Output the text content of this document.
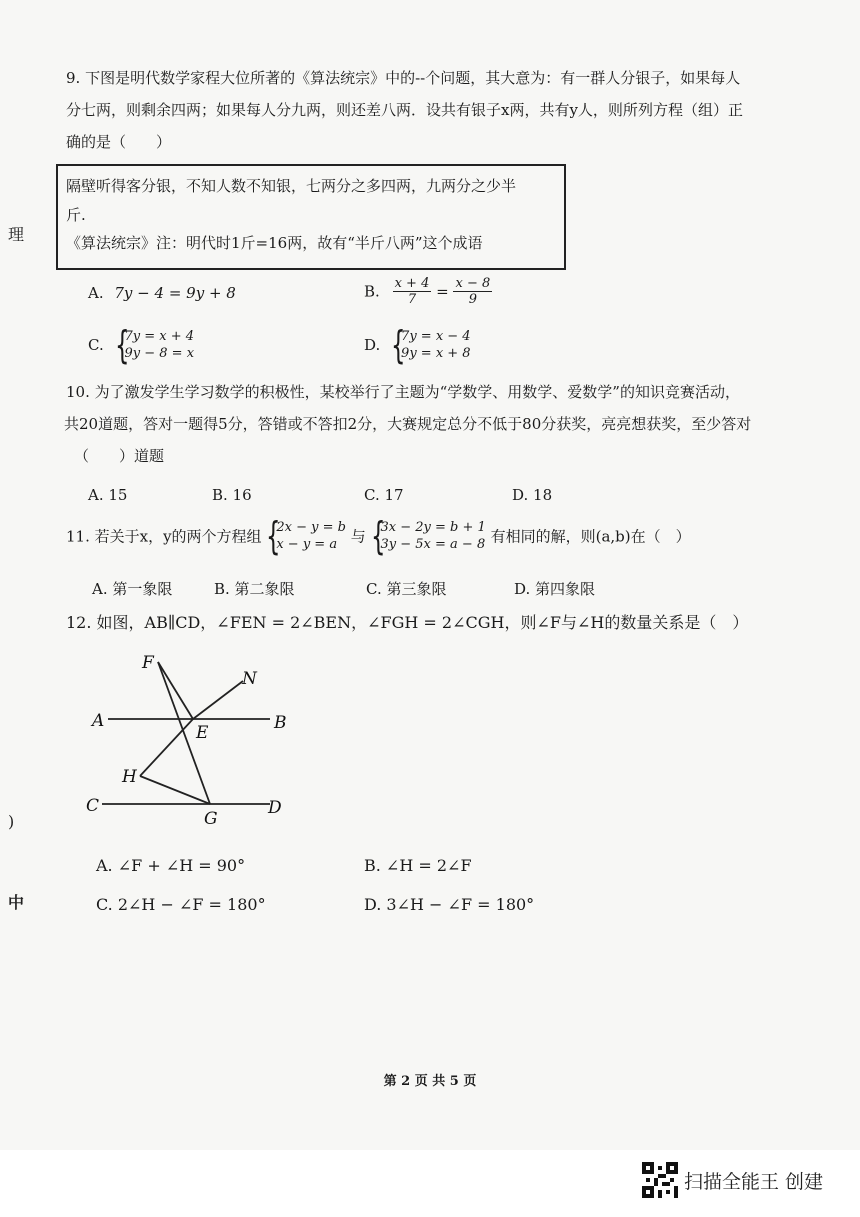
理
)
中
9. 下图是明代数学家程大位所著的《算法统宗》中的--个问题，其大意为：有一群人分银子，如果每人
分七两，则剩余四两；如果每人分九两，则还差八两．设共有银子x两，共有y人，则所列方程（组）正
确的是（　　）
隔壁听得客分银，不知人数不知银，七两分之多四两，九两分之少半
斤.
《算法统宗》注：明代时1斤=16两，故有“半斤八两”这个成语
A. 7y − 4 = 9y + 8	B. $\frac{x + 4}{7} = \frac{x - 8}{9}$
C. {
7y = x + 4
9y − 8 = x	D. {
7y = x − 4
9y = x + 8
10. 为了激发学生学习数学的积极性，某校举行了主题为“学数学、用数学、爱数学”的知识竞赛活动，
共20道题，答对一题得5分，答错或不答扣2分，大赛规定总分不低于80分获奖，亮亮想获奖，至少答对
（　　）道题
A. 15	B. 16	C. 17	D. 18
11. 若关于x，y的两个方程组 {
2x − y = b
x − y = a 与 {
3x − 2y = b + 1
3y − 5x = a − 8 有相同的解，则(a,b)在（　）
A. 第一象限	B. 第二象限	C. 第三象限	D. 第四象限
12. 如图，AB∥CD，∠FEN = 2∠BEN，∠FGH = 2∠CGH，则∠F与∠H的数量关系是（　）
F
N
A
E	B
H
C
G
D
A. ∠F + ∠H = 90°	B. ∠H = 2∠F
C. 2∠H − ∠F = 180°	D. 3∠H − ∠F = 180°
第 2 页 共 5 页
扫描全能王 创建
